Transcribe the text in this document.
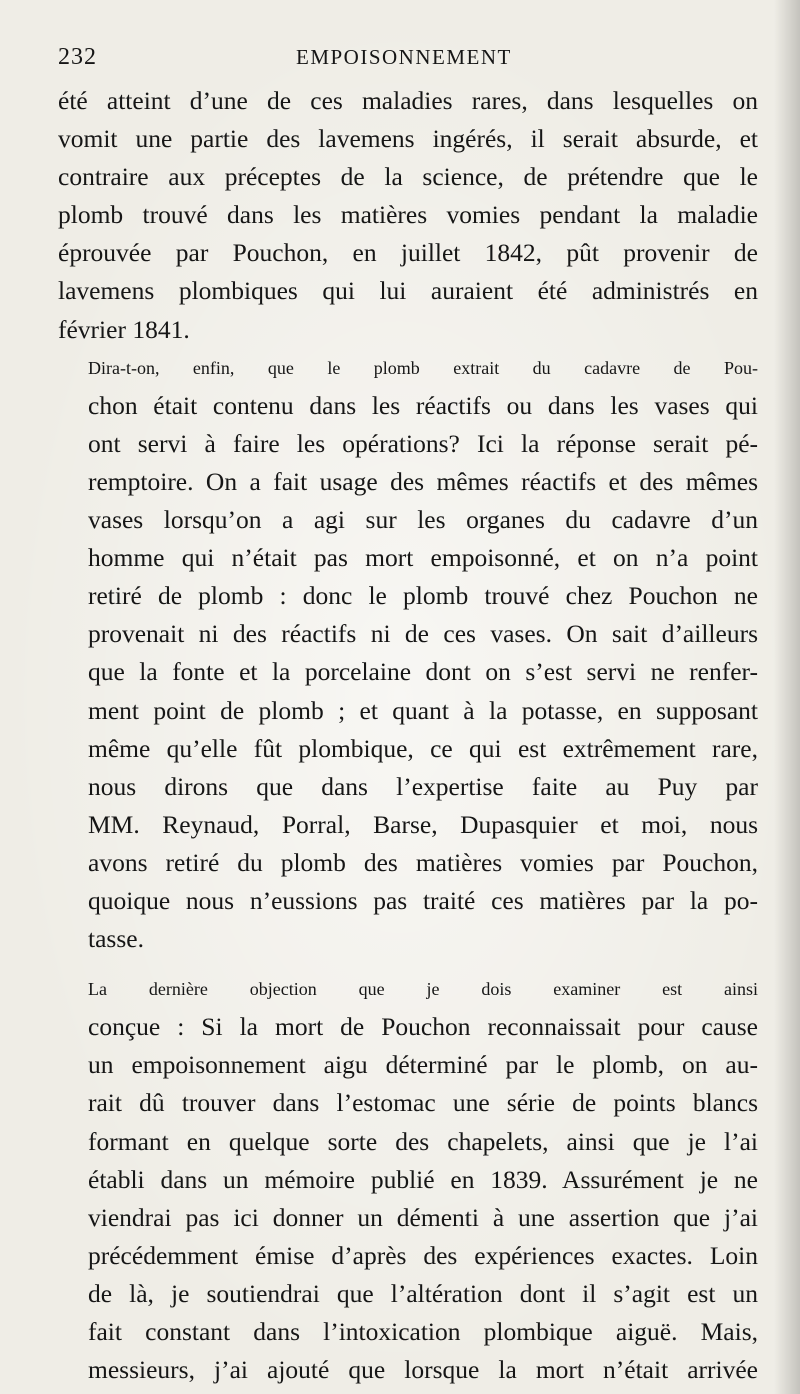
232	EMPOISONNEMENT

été atteint d’une de ces maladies rares, dans lesquelles on
vomit une partie des lavemens ingérés, il serait absurde, et
contraire aux préceptes de la science, de prétendre que le
plomb trouvé dans les matières vomies pendant la maladie
éprouvée par Pouchon, en juillet 1842, pût provenir de
lavemens plombiques qui lui auraient été administrés en
février 1841.

Dira-t-on, enfin, que le plomb extrait du cadavre de Pou-
chon était contenu dans les réactifs ou dans les vases qui
ont servi à faire les opérations? Ici la réponse serait pé-
remptoire. On a fait usage des mêmes réactifs et des mêmes
vases lorsqu’on a agi sur les organes du cadavre d’un
homme qui n’était pas mort empoisonné, et on n’a point
retiré de plomb : donc le plomb trouvé chez Pouchon ne
provenait ni des réactifs ni de ces vases. On sait d’ailleurs
que la fonte et la porcelaine dont on s’est servi ne renfer-
ment point de plomb ; et quant à la potasse, en supposant
même qu’elle fût plombique, ce qui est extrêmement rare,
nous dirons que dans l’expertise faite au Puy par
MM. Reynaud, Porral, Barse, Dupasquier et moi, nous
avons retiré du plomb des matières vomies par Pouchon,
quoique nous n’eussions pas traité ces matières par la po-
tasse.

La dernière objection que je dois examiner est ainsi
conçue : Si la mort de Pouchon reconnaissait pour cause
un empoisonnement aigu déterminé par le plomb, on au-
rait dû trouver dans l’estomac une série de points blancs
formant en quelque sorte des chapelets, ainsi que je l’ai
établi dans un mémoire publié en 1839. Assurément je ne
viendrai pas ici donner un démenti à une assertion que j’ai
précédemment émise d’après des expériences exactes. Loin
de là, je soutiendrai que l’altération dont il s’agit est un
fait constant dans l’intoxication plombique aiguë. Mais,
messieurs, j’ai ajouté que lorsque la mort n’était arrivée
